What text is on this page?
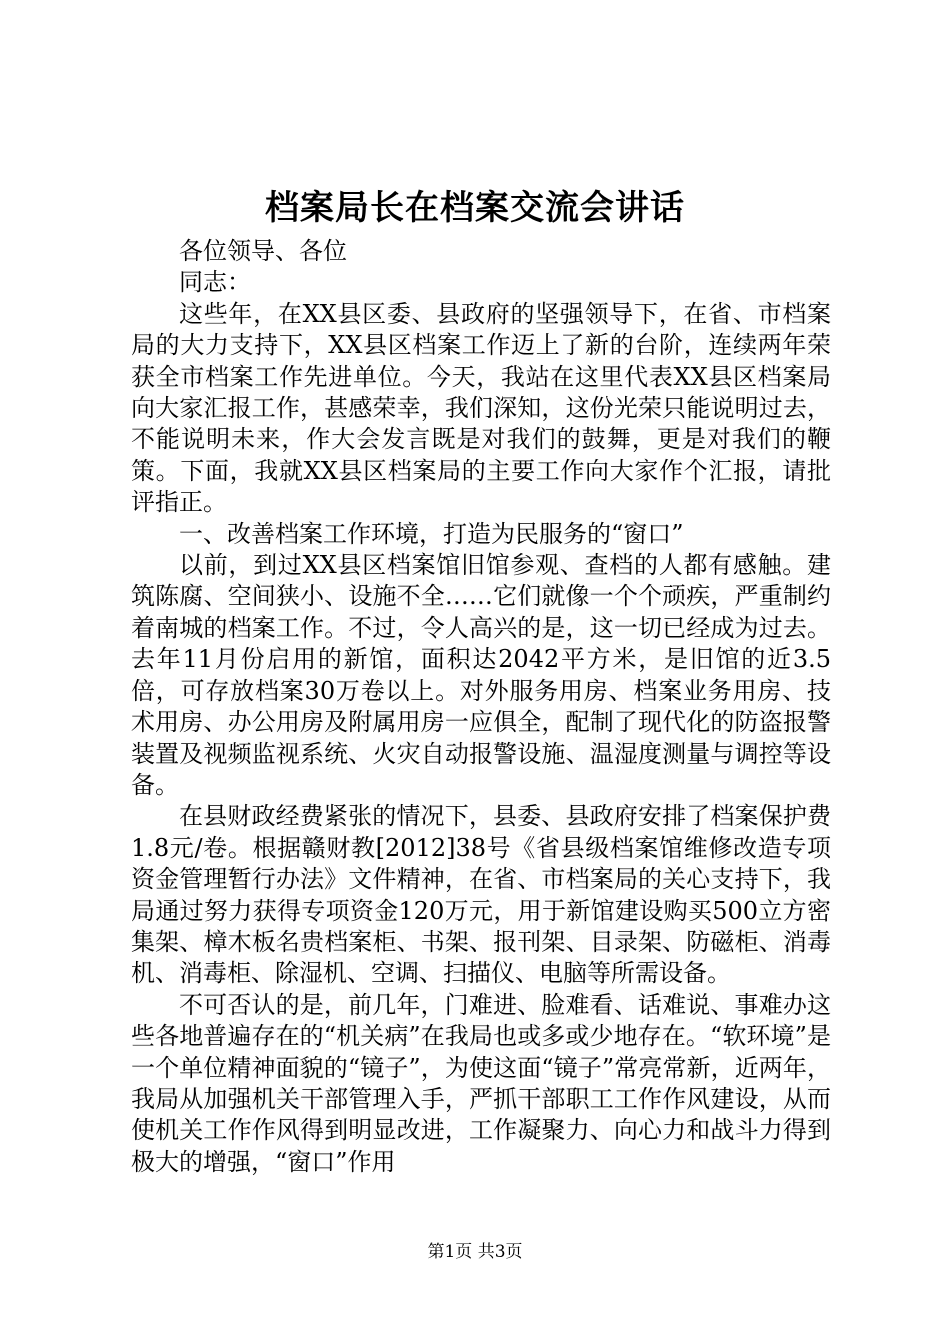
档案局长在档案交流会讲话

各位领导、各位

同志：

这些年，在XX县区委、县政府的坚强领导下，在省、市档案局的大力支持下，XX县区档案工作迈上了新的台阶，连续两年荣获全市档案工作先进单位。今天，我站在这里代表XX县区档案局向大家汇报工作，甚感荣幸，我们深知，这份光荣只能说明过去，不能说明未来，作大会发言既是对我们的鼓舞，更是对我们的鞭策。下面，我就XX县区档案局的主要工作向大家作个汇报，请批评指正。

一、改善档案工作环境，打造为民服务的“窗口”

以前，到过XX县区档案馆旧馆参观、查档的人都有感触。建筑陈腐、空间狭小、设施不全……它们就像一个个顽疾，严重制约着南城的档案工作。不过，令人高兴的是，这一切已经成为过去。去年11月份启用的新馆，面积达2042平方米，是旧馆的近3.5倍，可存放档案30万卷以上。对外服务用房、档案业务用房、技术用房、办公用房及附属用房一应俱全，配制了现代化的防盗报警装置及视频监视系统、火灾自动报警设施、温湿度测量与调控等设备。

在县财政经费紧张的情况下，县委、县政府安排了档案保护费1.8元/卷。根据赣财教[2012]38号《省县级档案馆维修改造专项资金管理暂行办法》文件精神，在省、市档案局的关心支持下，我局通过努力获得专项资金120万元，用于新馆建设购买500立方密集架、樟木板名贵档案柜、书架、报刊架、目录架、防磁柜、消毒机、消毒柜、除湿机、空调、扫描仪、电脑等所需设备。

不可否认的是，前几年，门难进、脸难看、话难说、事难办这些各地普遍存在的“机关病”在我局也或多或少地存在。“软环境”是一个单位精神面貌的“镜子”，为使这面“镜子”常亮常新，近两年，我局从加强机关干部管理入手，严抓干部职工工作作风建设，从而使机关工作作风得到明显改进，工作凝聚力、向心力和战斗力得到极大的增强，“窗口”作用

第1页 共3页
